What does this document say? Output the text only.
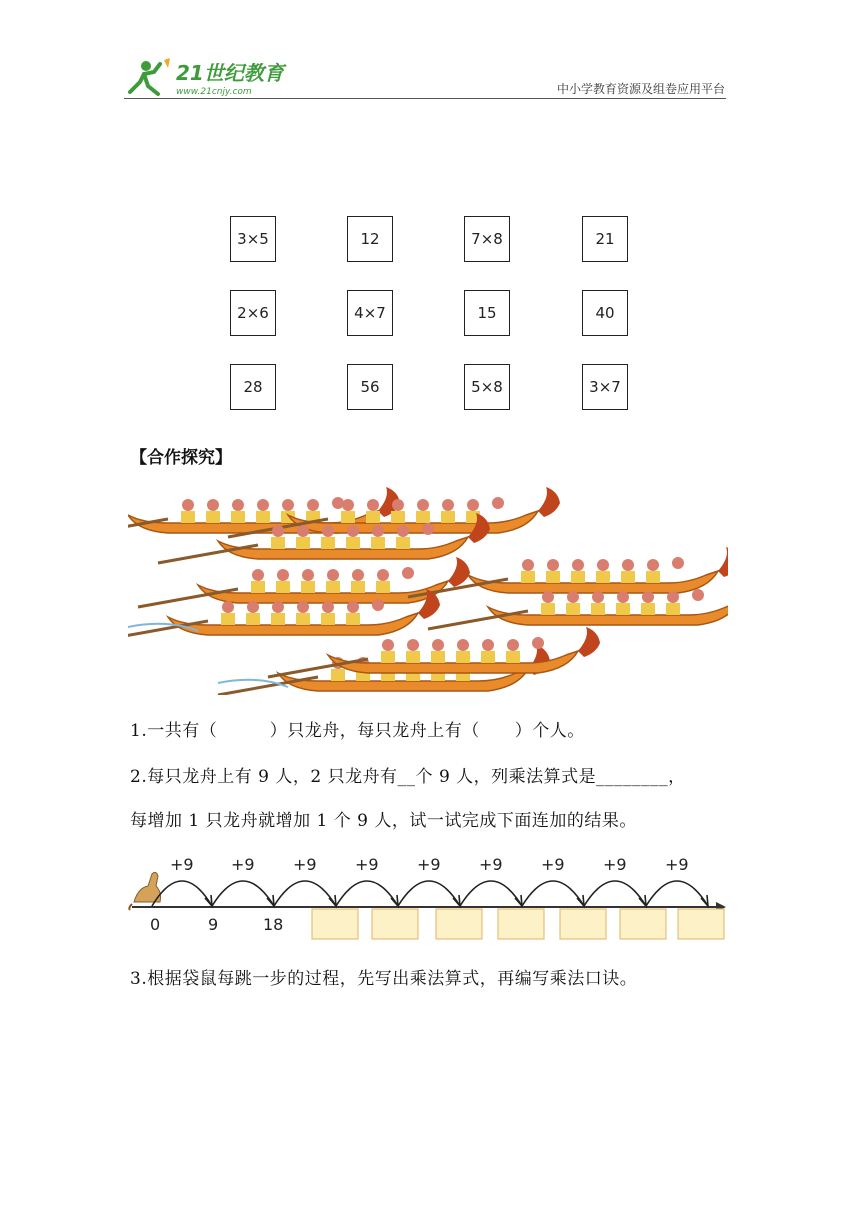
21世纪教育
www.21cnjy.com	中小学教育资源及组卷应用平台
3×5	12	7×8	21
2×6	4×7	15	40
28	56	5×8	3×7
【合作探究】
1.一共有（　　　）只龙舟，每只龙舟上有（　　）个人。
2.每只龙舟上有 9 人，2 只龙舟有__个 9 人，列乘法算式是________，
每增加 1 只龙舟就增加 1 个 9 人，试一试完成下面连加的结果。
+9 +9 +9 +9 +9 +9 +9 +9 +9
0	9	18
3.根据袋鼠每跳一步的过程，先写出乘法算式，再编写乘法口诀。
